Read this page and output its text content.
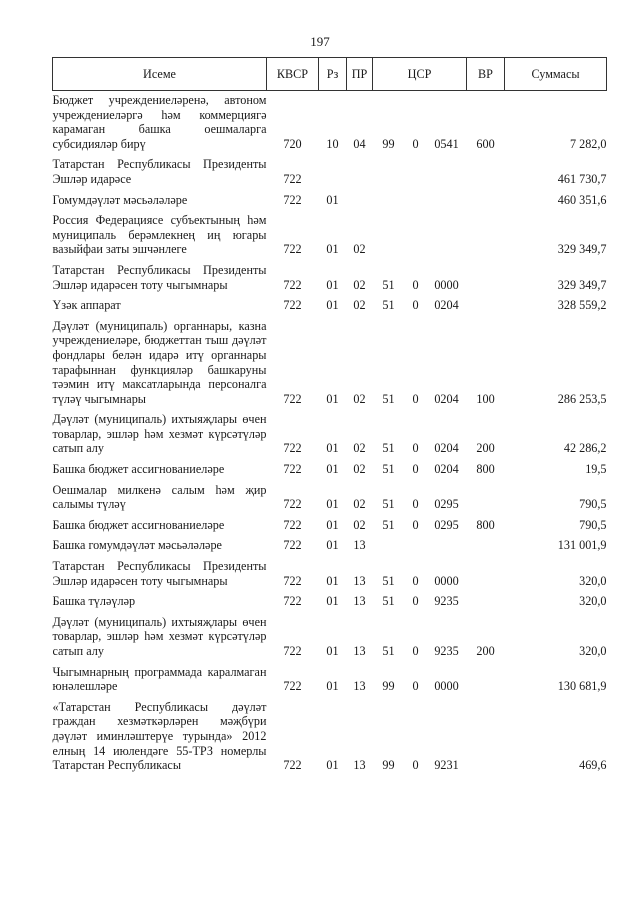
197
Исеме	КВСР	Рз	ПР	ЦСР			ВР	Суммасы
Бюджет учреждениеләренә, автоном учреждениеләргә һәм коммерциягә карамаган башка оешмаларга субсидияләр бирү	720	10	04	99	0	0541	600	7 282,0
Татарстан Республикасы Президенты Эшләр идарәсе	722							461 730,7
Гомумдәүләт мәсьәләләре	722	01						460 351,6
Россия Федерациясе субъектының һәм муниципаль берәмлекнең иң югары вазыйфаи заты эшчәнлеге	722	01	02					329 349,7
Татарстан Республикасы Президенты Эшләр идарәсен тоту чыгымнары	722	01	02	51	0	0000		329 349,7
Үзәк аппарат	722	01	02	51	0	0204		328 559,2
Дәүләт (муниципаль) органнары, казна учреждениеләре, бюджеттан тыш дәүләт фондлары белән идарә итү органнары тарафыннан функцияләр башкаруны тәэмин итү максатларында персоналга түләү чыгымнары	722	01	02	51	0	0204	100	286 253,5
Дәүләт (муниципаль) ихтыяҗлары өчен товарлар, эшләр һәм хезмәт күрсәтүләр сатып алу	722	01	02	51	0	0204	200	42 286,2
Башка бюджет ассигнованиеләре	722	01	02	51	0	0204	800	19,5
Оешмалар милкенә салым һәм җир салымы түләү	722	01	02	51	0	0295		790,5
Башка бюджет ассигнованиеләре	722	01	02	51	0	0295	800	790,5
Башка гомумдәүләт мәсьәләләре	722	01	13					131 001,9
Татарстан Республикасы Президенты Эшләр идарәсен тоту чыгымнары	722	01	13	51	0	0000		320,0
Башка түләүләр	722	01	13	51	0	9235		320,0
Дәүләт (муниципаль) ихтыяҗлары өчен товарлар, эшләр һәм хезмәт күрсәтүләр сатып алу	722	01	13	51	0	9235	200	320,0
Чыгымнарның программада каралмаган юнәлешләре	722	01	13	99	0	0000		130 681,9
«Татарстан Республикасы дәүләт граждан хезмәткәрләрен мәҗбүри дәүләт иминләштерүе турында» 2012 елның 14 июлендәге 55-ТРЗ номерлы Татарстан Республикасы	722	01	13	99	0	9231		469,6
